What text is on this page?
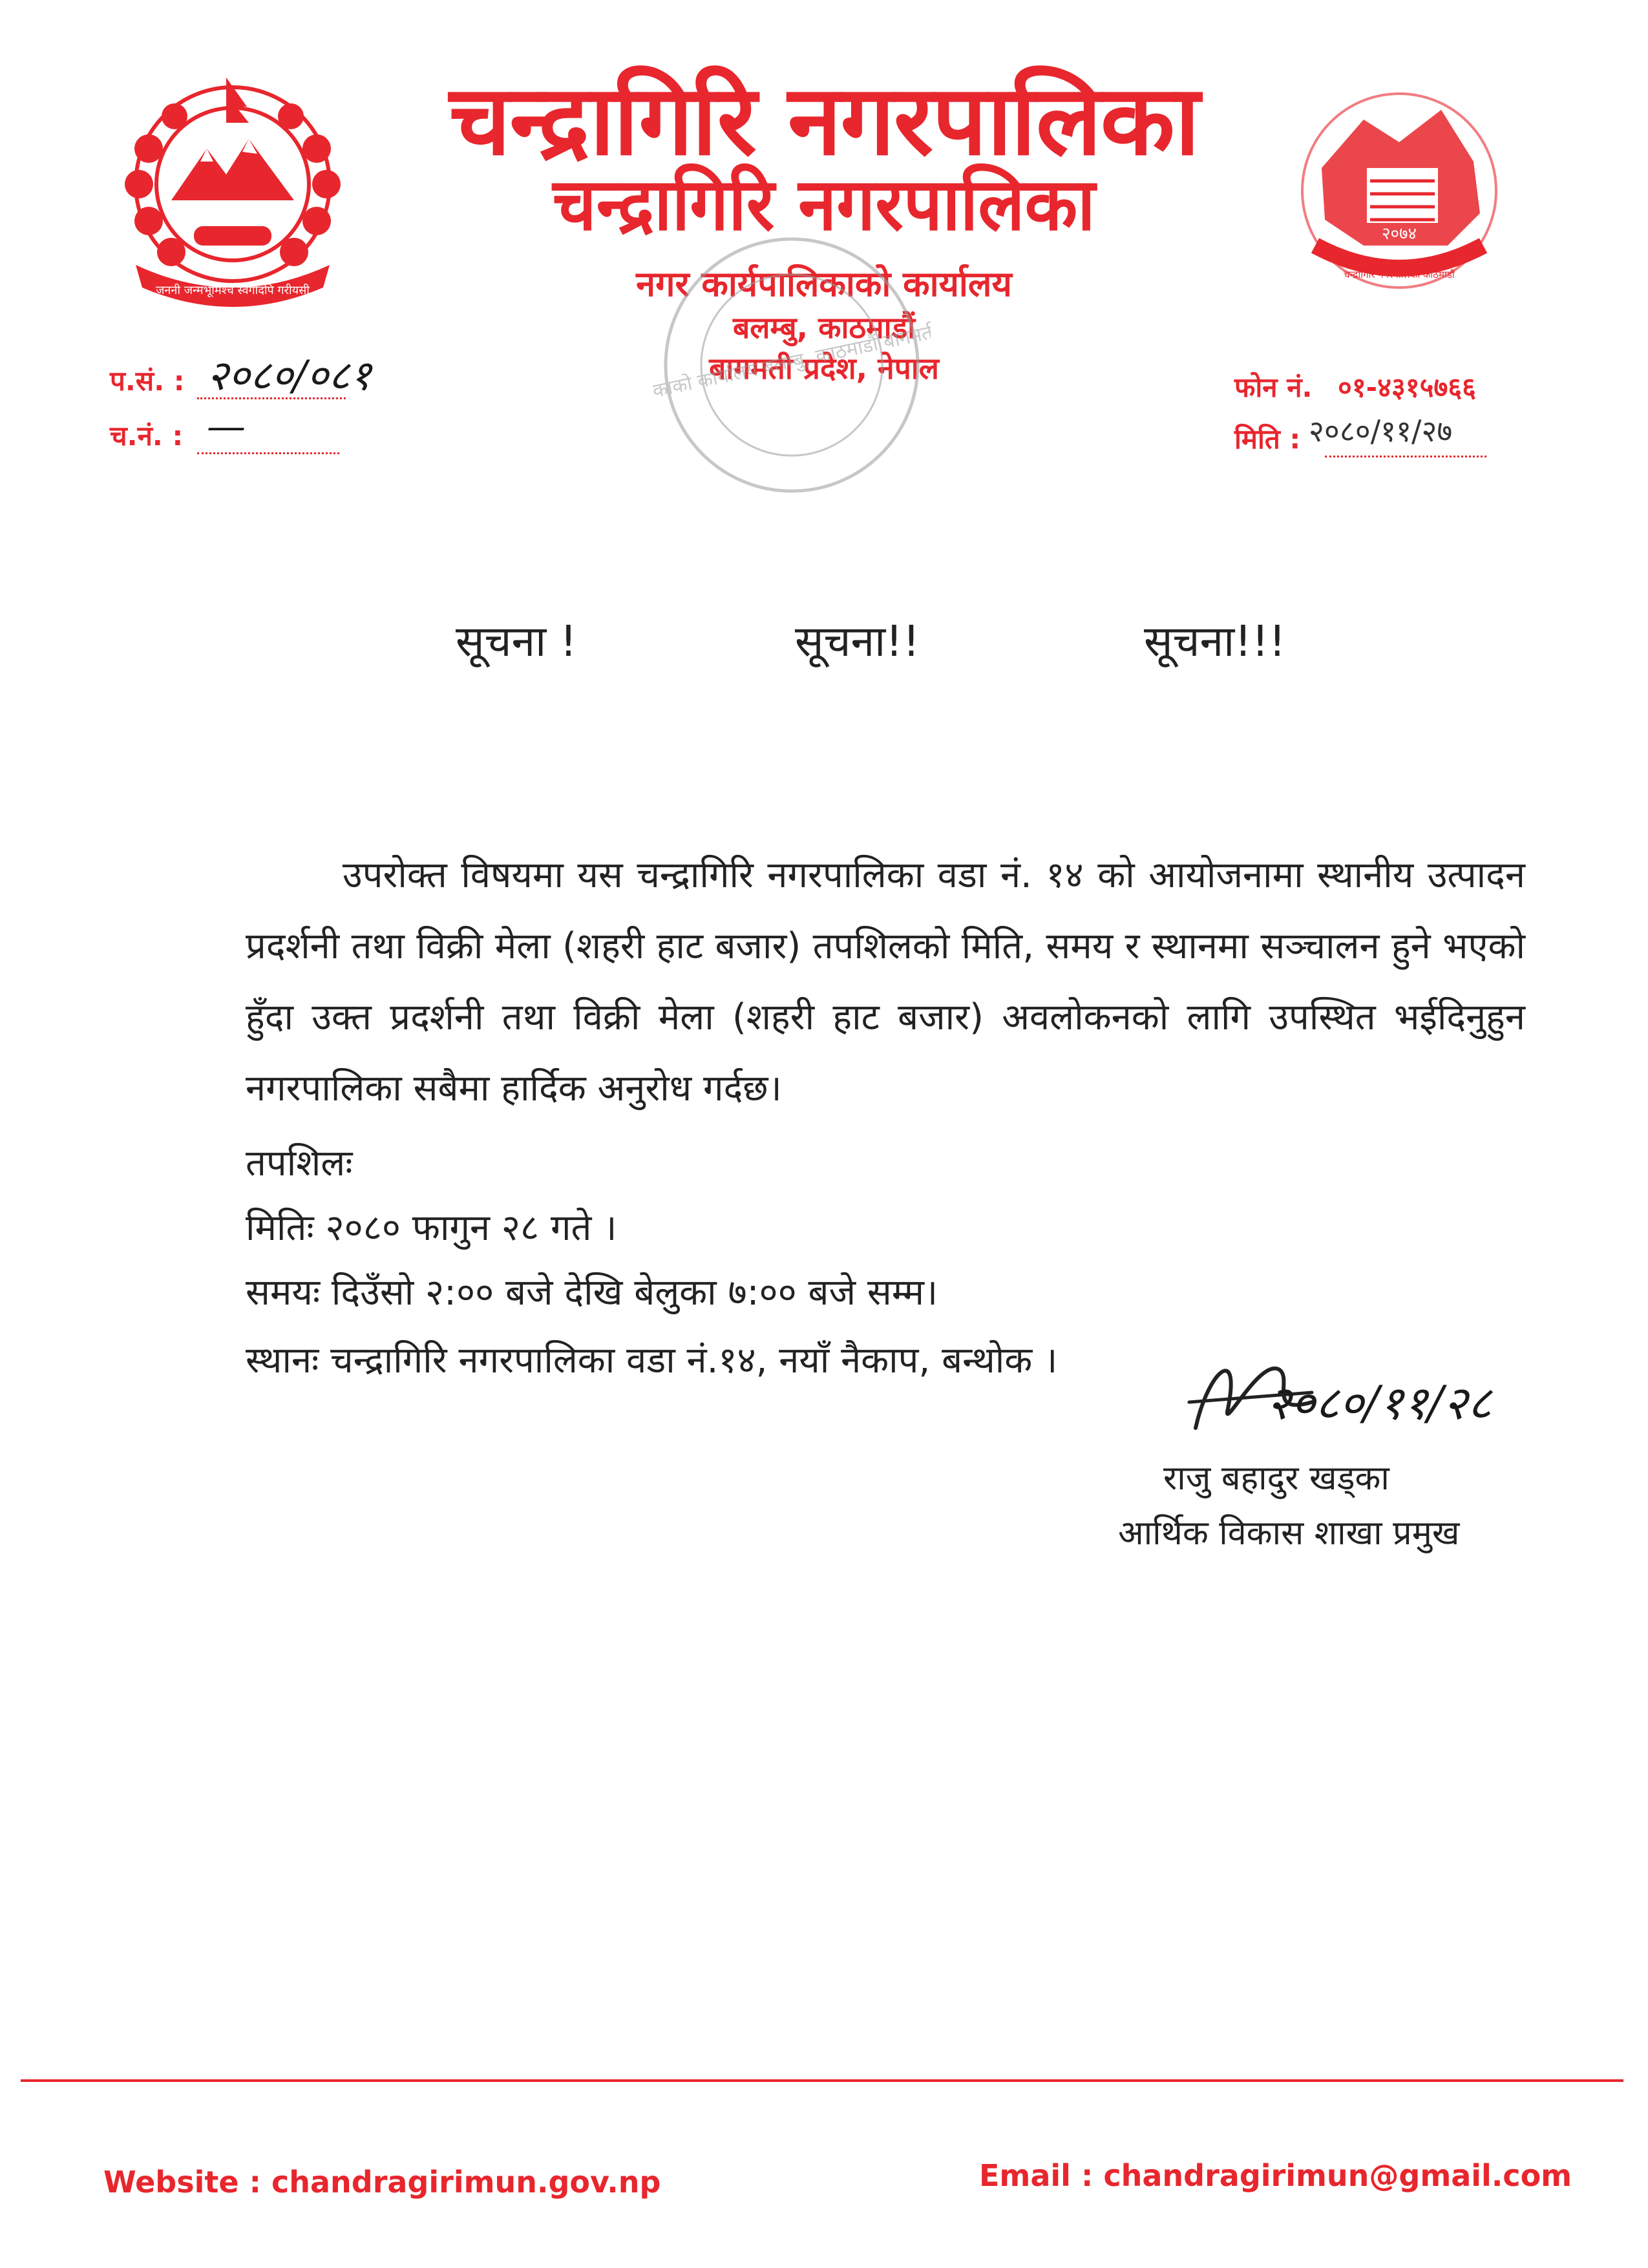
जननी जन्मभूमिश्च स्वर्गादपि गरीयसी
२०७४
चन्द्रागिरि नगरपालिका काठमाडौं
चन्द्रागिरि नगरपालिका
चन्द्रागिरि नगरपालिका
नगर कार्यपालिकाको कार्यालय
बलम्बु, काठमाडौं
बागमती प्रदेश, नेपाल
कार्यपालिकाको कार्यालय बलम्बु, काठमाडौं बागमती
प.सं. : २०८०/०८१
च.नं. : —
फोन नं. ०१-४३१५७६६
मिति : २०८०/११/२७
सूचना !	सूचना!!	सूचना!!!
उपरोक्त विषयमा यस चन्द्रागिरि नगरपालिका वडा नं. १४ को आयोजनामा स्थानीय उत्पादन प्रदर्शनी तथा विक्री मेला (शहरी हाट बजार) तपशिलको मिति, समय र स्थानमा सञ्चालन हुने भएको हुँदा उक्त प्रदर्शनी तथा विक्री मेला (शहरी हाट बजार) अवलोकनको लागि उपस्थित भईदिनुहुन नगरपालिका सबैमा हार्दिक अनुरोध गर्दछ।
तपशिलः
मितिः २०८० फागुन २८ गते ।
समयः दिउँसो २:०० बजे देखि बेलुका ७:०० बजे सम्म।
स्थानः चन्द्रागिरि नगरपालिका वडा नं.१४, नयाँ नैकाप, बन्थोक ।
२०८०/११/२८
राजु बहादुर खड्का
आर्थिक विकास शाखा प्रमुख
Website : chandragirimun.gov.np	Email : chandragirimun@gmail.com
